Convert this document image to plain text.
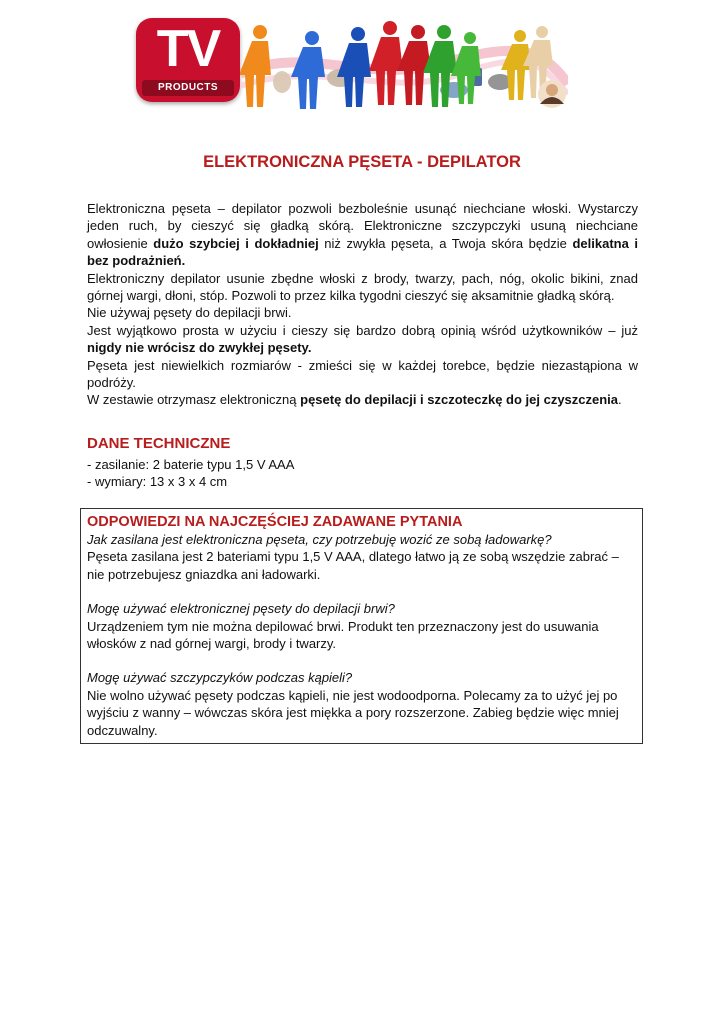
TV
PRODUCTS
ELEKTRONICZNA PĘSETA - DEPILATOR

Elektroniczna pęseta – depilator pozwoli bezboleśnie usunąć niechciane włoski. Wystarczy jeden ruch, by cieszyć się gładką skórą. Elektroniczne szczypczyki usuną niechciane owłosienie dużo szybciej i dokładniej niż zwykła pęseta, a Twoja skóra będzie delikatna i bez podrażnień.

Elektroniczny depilator usunie zbędne włoski z brody, twarzy, pach, nóg, okolic bikini, znad górnej wargi, dłoni, stóp. Pozwoli to przez kilka tygodni cieszyć się aksamitnie gładką skórą.

Nie używaj pęsety do depilacji brwi.

Jest wyjątkowo prosta w użyciu i cieszy się bardzo dobrą opinią wśród użytkowników – już nigdy nie wrócisz do zwykłej pęsety.

Pęseta jest niewielkich rozmiarów - zmieści się w każdej torebce, będzie niezastąpiona w podróży.

W zestawie otrzymasz elektroniczną pęsetę do depilacji i szczoteczkę do jej czyszczenia.

DANE TECHNICZNE
- zasilanie: 2 baterie typu 1,5 V AAA
- wymiary: 13 x 3 x 4 cm
ODPOWIEDZI NA NAJCZĘŚCIEJ ZADAWANE PYTANIA
Jak zasilana jest elektroniczna pęseta, czy potrzebuję wozić ze sobą ładowarkę?
Pęseta zasilana jest 2 bateriami typu 1,5 V AAA, dlatego łatwo ją ze sobą wszędzie zabrać – nie potrzebujesz gniazdka ani ładowarki.
Mogę używać elektronicznej pęsety do depilacji brwi?
Urządzeniem tym nie można depilować brwi. Produkt ten przeznaczony jest do usuwania włosków z nad górnej wargi, brody i twarzy.
Mogę używać szczypczyków podczas kąpieli?
Nie wolno używać pęsety podczas kąpieli, nie jest wodoodporna. Polecamy za to użyć jej po wyjściu z wanny – wówczas skóra jest miękka a pory rozszerzone. Zabieg będzie więc mniej odczuwalny.
